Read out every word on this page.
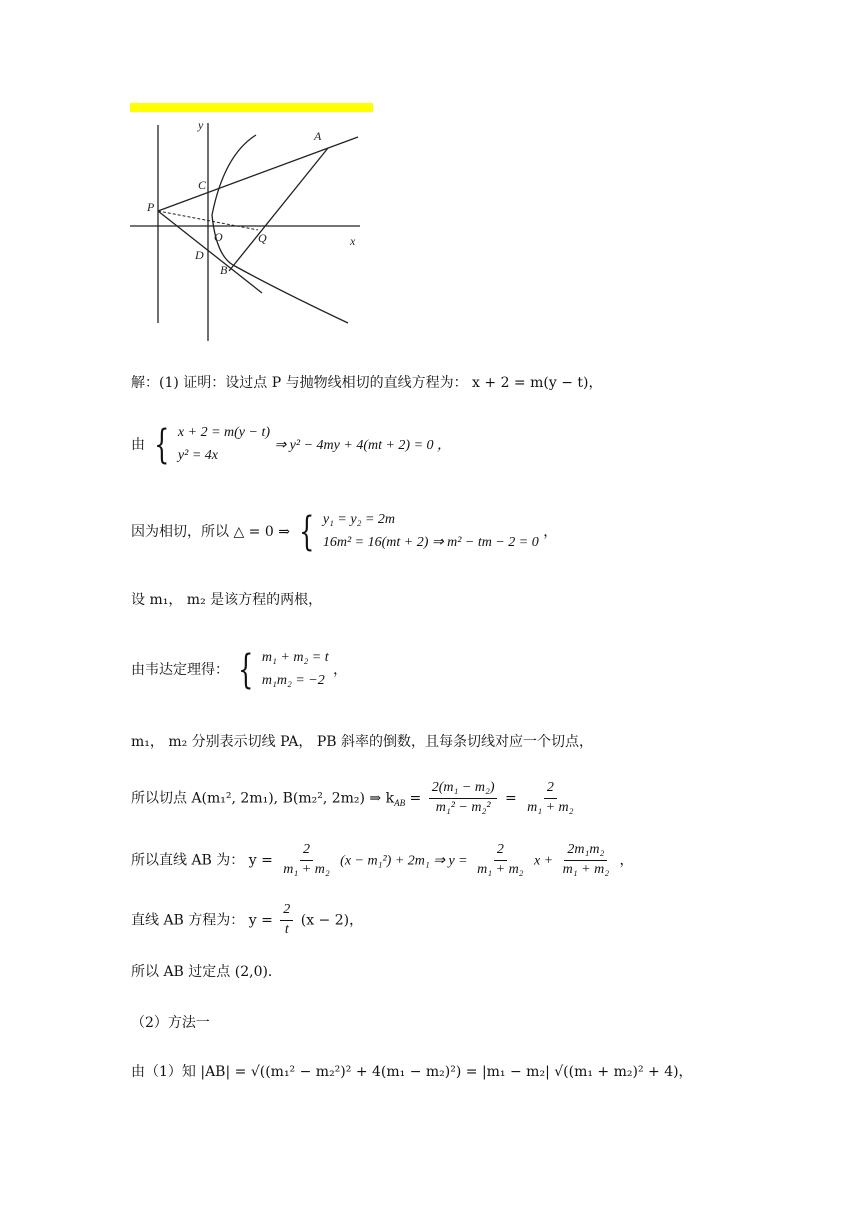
y
x
A
C
P
O	Q
D
B
解：(1) 证明：设过点 P 与抛物线相切的直线方程为： x + 2 = m(y − t)，
由 { x + 2 = m(y − t)
y² = 4x
⇒ y² − 4my + 4(mt + 2) = 0 ，
因为相切，所以 △ = 0 ⇒ { y₁ = y₂ = 2m
16m² = 16(mt + 2) ⇒ m² − tm − 2 = 0
，
设 m₁， m₂ 是该方程的两根，
由韦达定理得： { m₁ + m₂ = t
m₁m₂ = −2
，
m₁， m₂ 分别表示切线 PA， PB 斜率的倒数，且每条切线对应一个切点，
所以切点 A(m₁², 2m₁), B(m₂², 2m₂) ⇒ $k_{AB} = \frac{\text{2(m₁ − m₂)}}{\text{m₁² − m₂²}} = \frac{2}{\text{m₁ + m₂}}$
所以直线 AB 为： $y = \frac{2}{\text{m₁ + m₂}} (x - m_1^2) + 2m_1$ ⇒ $y = \frac{2}{\text{m₁ + m₂}}$ $x + \frac{\text{2m₁m₂}}{\text{m₁ + m₂}}$ ，
直线 AB 方程为： $y = \frac{2}{t} (x - 2)$，
所以 AB 过定点 (2,0)．
（2）方法一
由（1）知 |AB| = √((m₁² − m₂²)² + 4(m₁ − m₂)²) = |m₁ − m₂| √((m₁ + m₂)² + 4)，
